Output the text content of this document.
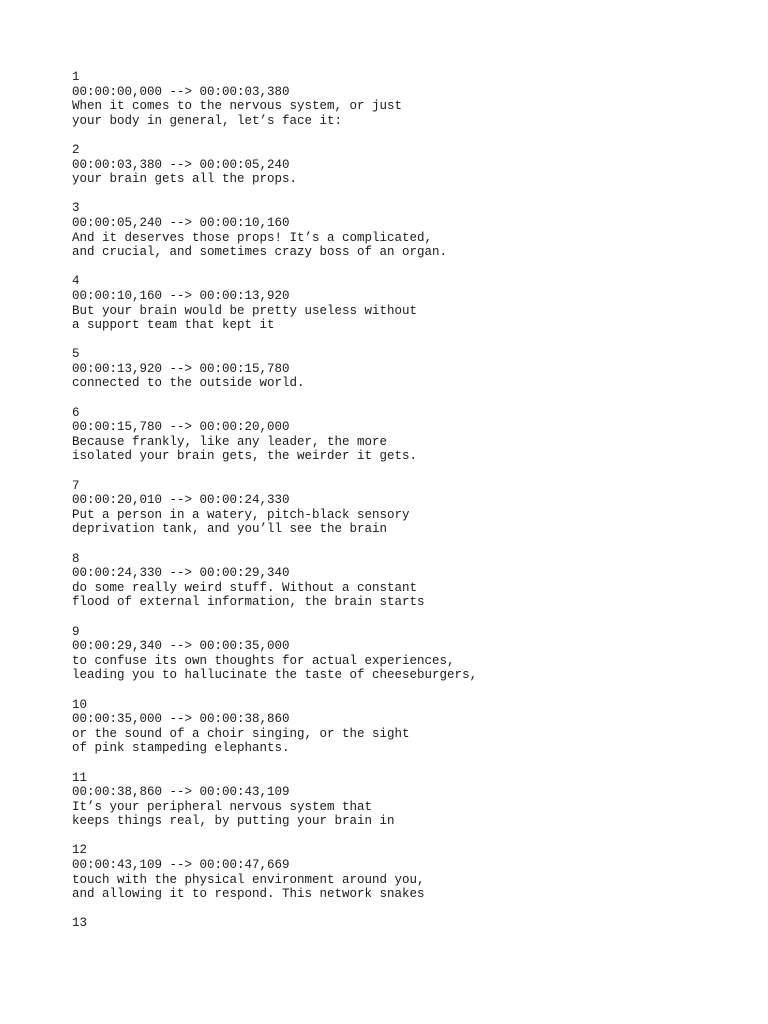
1
00:00:00,000 --> 00:00:03,380
When it comes to the nervous system, or just
your body in general, let’s face it:
2
00:00:03,380 --> 00:00:05,240
your brain gets all the props.
3
00:00:05,240 --> 00:00:10,160
And it deserves those props! It’s a complicated,
and crucial, and sometimes crazy boss of an organ.
4
00:00:10,160 --> 00:00:13,920
But your brain would be pretty useless without
a support team that kept it
5
00:00:13,920 --> 00:00:15,780
connected to the outside world.
6
00:00:15,780 --> 00:00:20,000
Because frankly, like any leader, the more
isolated your brain gets, the weirder it gets.
7
00:00:20,010 --> 00:00:24,330
Put a person in a watery, pitch-black sensory
deprivation tank, and you’ll see the brain
8
00:00:24,330 --> 00:00:29,340
do some really weird stuff. Without a constant
flood of external information, the brain starts
9
00:00:29,340 --> 00:00:35,000
to confuse its own thoughts for actual experiences,
leading you to hallucinate the taste of cheeseburgers,
10
00:00:35,000 --> 00:00:38,860
or the sound of a choir singing, or the sight
of pink stampeding elephants.
11
00:00:38,860 --> 00:00:43,109
It’s your peripheral nervous system that
keeps things real, by putting your brain in
12
00:00:43,109 --> 00:00:47,669
touch with the physical environment around you,
and allowing it to respond. This network snakes
13
